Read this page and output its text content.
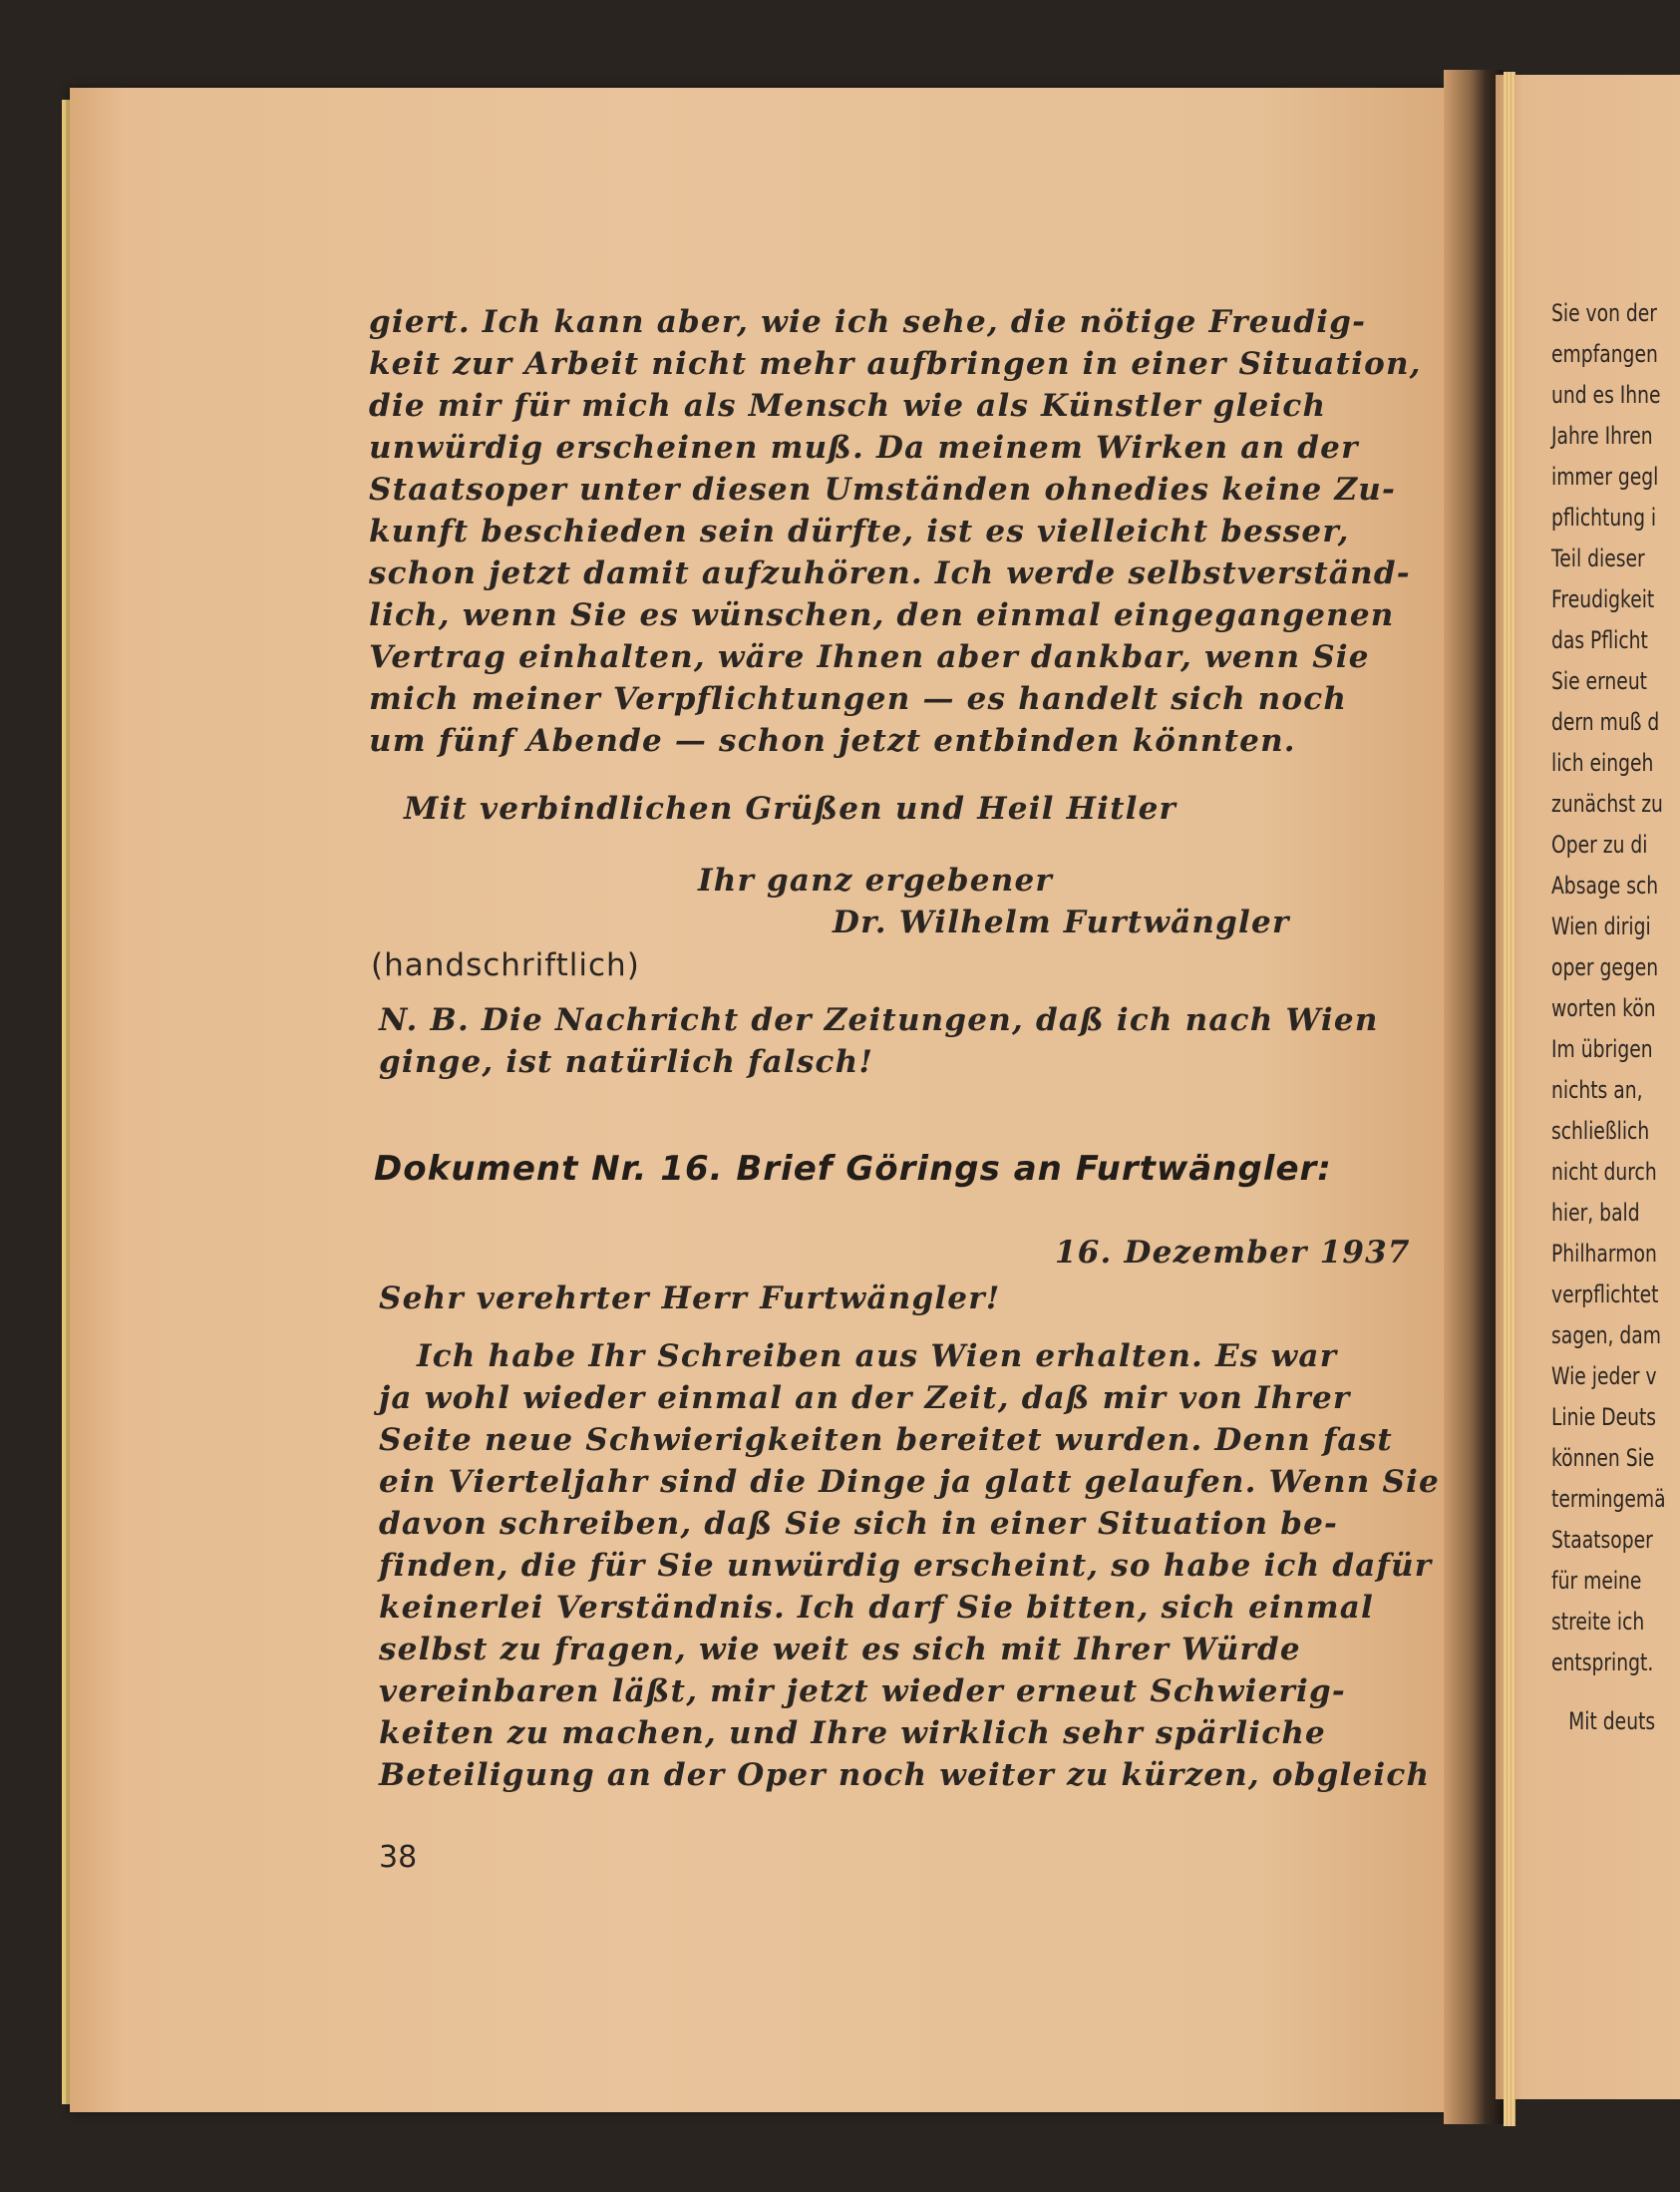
giert. Ich kann aber, wie ich sehe, die nötige Freudig-
keit zur Arbeit nicht mehr aufbringen in einer Situation,
die mir für mich als Mensch wie als Künstler gleich
unwürdig erscheinen muß. Da meinem Wirken an der
Staatsoper unter diesen Umständen ohnedies keine Zu-
kunft beschieden sein dürfte, ist es vielleicht besser,
schon jetzt damit aufzuhören. Ich werde selbstverständ-
lich, wenn Sie es wünschen, den einmal eingegangenen
Vertrag einhalten, wäre Ihnen aber dankbar, wenn Sie
mich meiner Verpflichtungen — es handelt sich noch
um fünf Abende — schon jetzt entbinden könnten.
Mit verbindlichen Grüßen und Heil Hitler
Ihr ganz ergebener
Dr. Wilhelm Furtwängler
N. B. Die Nachricht der Zeitungen, daß ich nach Wien
ginge, ist natürlich falsch!
16. Dezember 1937
Sehr verehrter Herr Furtwängler!
Ich habe Ihr Schreiben aus Wien erhalten. Es war
ja wohl wieder einmal an der Zeit, daß mir von Ihrer
Seite neue Schwierigkeiten bereitet wurden. Denn fast
ein Vierteljahr sind die Dinge ja glatt gelaufen. Wenn Sie
davon schreiben, daß Sie sich in einer Situation be-
finden, die für Sie unwürdig erscheint, so habe ich dafür
keinerlei Verständnis. Ich darf Sie bitten, sich einmal
selbst zu fragen, wie weit es sich mit Ihrer Würde
vereinbaren läßt, mir jetzt wieder erneut Schwierig-
keiten zu machen, und Ihre wirklich sehr spärliche
Beteiligung an der Oper noch weiter zu kürzen, obgleich
(handschriftlich)
Dokument Nr. 16. Brief Görings an Furtwängler:
38
Sie von der
empfangen
und es Ihne
Jahre Ihren
immer gegl
pflichtung i
Teil dieser
Freudigkeit
das Pflicht
Sie erneut
dern muß d
lich eingeh
zunächst zu
Oper zu di
Absage sch
Wien dirigi
oper gegen
worten kön
Im übrigen
nichts an,
schließlich
nicht durch
hier, bald
Philharmon
verpflichtet
sagen, dam
Wie jeder v
Linie Deuts
können Sie
termingemä
Staatsoper
für meine
streite ich
entspringt.
Mit deuts
